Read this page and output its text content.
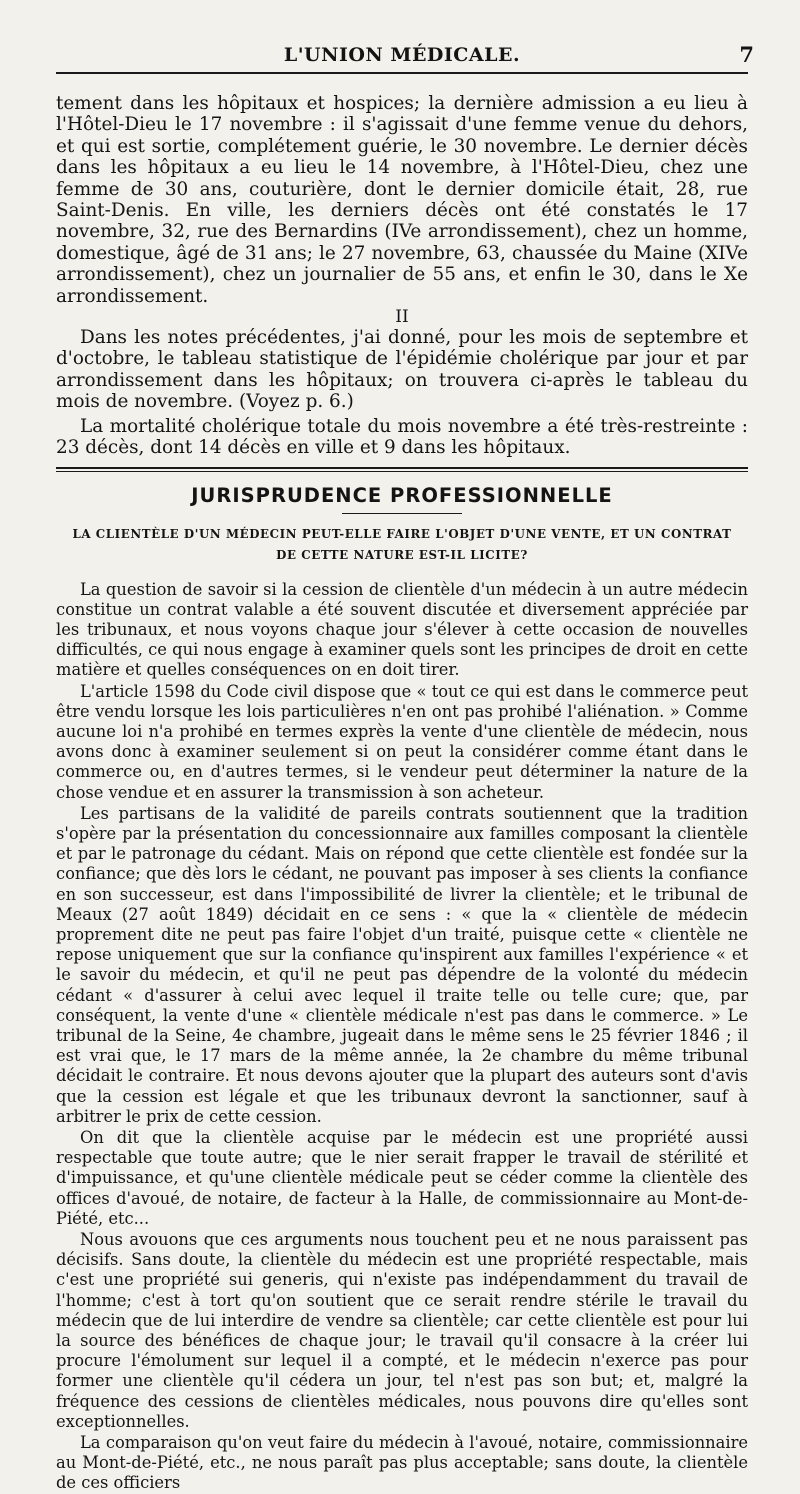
L'UNION MÉDICALE.	7

tement dans les hôpitaux et hospices; la dernière admission a eu lieu à l'Hôtel-Dieu le 17 novembre : il s'agissait d'une femme venue du dehors, et qui est sortie, complétement guérie, le 30 novembre. Le dernier décès dans les hôpitaux a eu lieu le 14 novembre, à l'Hôtel-Dieu, chez une femme de 30 ans, couturière, dont le dernier domicile était, 28, rue Saint-Denis. En ville, les derniers décès ont été constatés le 17 novembre, 32, rue des Bernardins (IVe arrondissement), chez un homme, domestique, âgé de 31 ans; le 27 novembre, 63, chaussée du Maine (XIVe arrondissement), chez un journalier de 55 ans, et enfin le 30, dans le Xe arrondissement.

II

Dans les notes précédentes, j'ai donné, pour les mois de septembre et d'octobre, le tableau statistique de l'épidémie cholérique par jour et par arrondissement dans les hôpitaux; on trouvera ci-après le tableau du mois de novembre. (Voyez p. 6.)

La mortalité cholérique totale du mois novembre a été très-restreinte : 23 décès, dont 14 décès en ville et 9 dans les hôpitaux.

JURISPRUDENCE PROFESSIONNELLE

LA CLIENTÈLE D'UN MÉDECIN PEUT-ELLE FAIRE L'OBJET D'UNE VENTE, ET UN CONTRAT
DE CETTE NATURE EST-IL LICITE?

La question de savoir si la cession de clientèle d'un médecin à un autre médecin constitue un contrat valable a été souvent discutée et diversement appréciée par les tribunaux, et nous voyons chaque jour s'élever à cette occasion de nouvelles difficultés, ce qui nous engage à examiner quels sont les principes de droit en cette matière et quelles conséquences on en doit tirer.

L'article 1598 du Code civil dispose que « tout ce qui est dans le commerce peut être vendu lorsque les lois particulières n'en ont pas prohibé l'aliénation. » Comme aucune loi n'a prohibé en termes exprès la vente d'une clientèle de médecin, nous avons donc à examiner seulement si on peut la considérer comme étant dans le commerce ou, en d'autres termes, si le vendeur peut déterminer la nature de la chose vendue et en assurer la transmission à son acheteur.

Les partisans de la validité de pareils contrats soutiennent que la tradition s'opère par la présentation du concessionnaire aux familles composant la clientèle et par le patronage du cédant. Mais on répond que cette clientèle est fondée sur la confiance; que dès lors le cédant, ne pouvant pas imposer à ses clients la confiance en son successeur, est dans l'impossibilité de livrer la clientèle; et le tribunal de Meaux (27 août 1849) décidait en ce sens : « que la « clientèle de médecin proprement dite ne peut pas faire l'objet d'un traité, puisque cette « clientèle ne repose uniquement que sur la confiance qu'inspirent aux familles l'expérience « et le savoir du médecin, et qu'il ne peut pas dépendre de la volonté du médecin cédant « d'assurer à celui avec lequel il traite telle ou telle cure; que, par conséquent, la vente d'une « clientèle médicale n'est pas dans le commerce. » Le tribunal de la Seine, 4e chambre, jugeait dans le même sens le 25 février 1846 ; il est vrai que, le 17 mars de la même année, la 2e chambre du même tribunal décidait le contraire. Et nous devons ajouter que la plupart des auteurs sont d'avis que la cession est légale et que les tribunaux devront la sanctionner, sauf à arbitrer le prix de cette cession.

On dit que la clientèle acquise par le médecin est une propriété aussi respectable que toute autre; que le nier serait frapper le travail de stérilité et d'impuissance, et qu'une clientèle médicale peut se céder comme la clientèle des offices d'avoué, de notaire, de facteur à la Halle, de commissionnaire au Mont-de-Piété, etc...

Nous avouons que ces arguments nous touchent peu et ne nous paraissent pas décisifs. Sans doute, la clientèle du médecin est une propriété respectable, mais c'est une propriété sui generis, qui n'existe pas indépendamment du travail de l'homme; c'est à tort qu'on soutient que ce serait rendre stérile le travail du médecin que de lui interdire de vendre sa clientèle; car cette clientèle est pour lui la source des bénéfices de chaque jour; le travail qu'il consacre à la créer lui procure l'émolument sur lequel il a compté, et le médecin n'exerce pas pour former une clientèle qu'il cédera un jour, tel n'est pas son but; et, malgré la fréquence des cessions de clientèles médicales, nous pouvons dire qu'elles sont exceptionnelles.

La comparaison qu'on veut faire du médecin à l'avoué, notaire, commissionnaire au Mont-de-Piété, etc., ne nous paraît pas plus acceptable; sans doute, la clientèle de ces officiers
